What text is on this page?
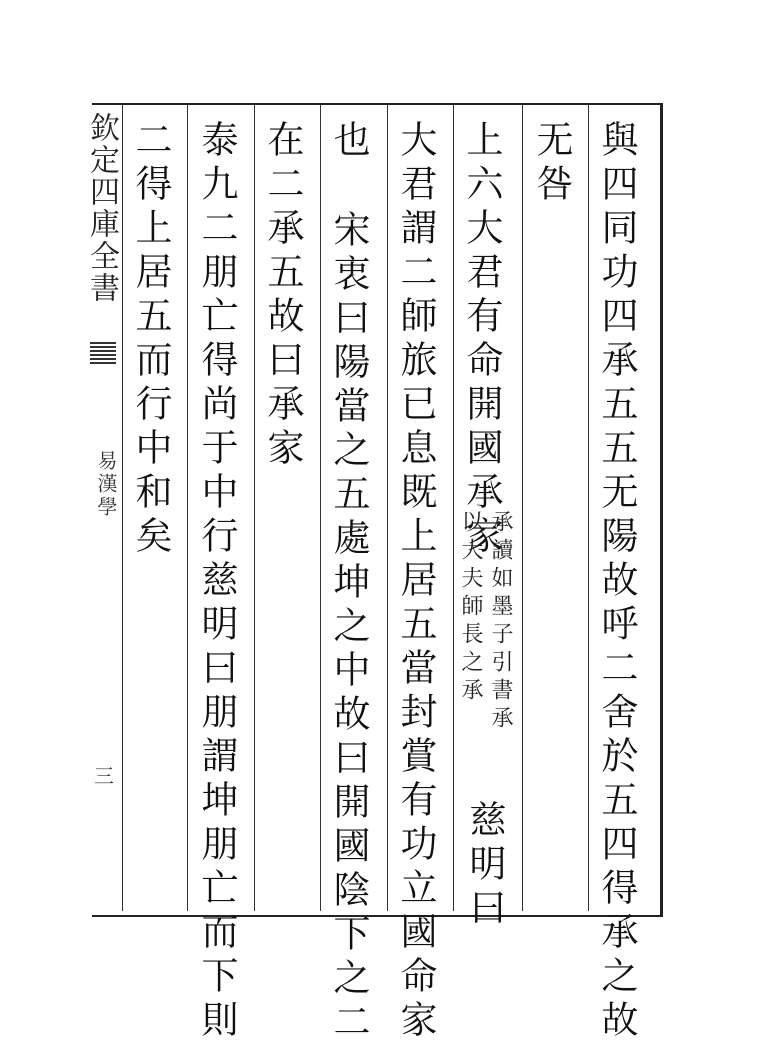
欽定四庫全書
易漢學
三	與四同功四承五五无陽故呼二舍於五四得承之故
无咎
上六大君有命開國承家
承讀如墨子引書承
以大夫師長之承
慈明曰
大君謂二師旅已息既上居五當封賞有功立國命家
也
宋衷曰陽當之五處坤之中故曰開國陰下之二
在二承五故曰承家
泰九二朋亡得尚于中行慈明曰朋謂坤朋亡而下則
二得上居五而行中和矣
